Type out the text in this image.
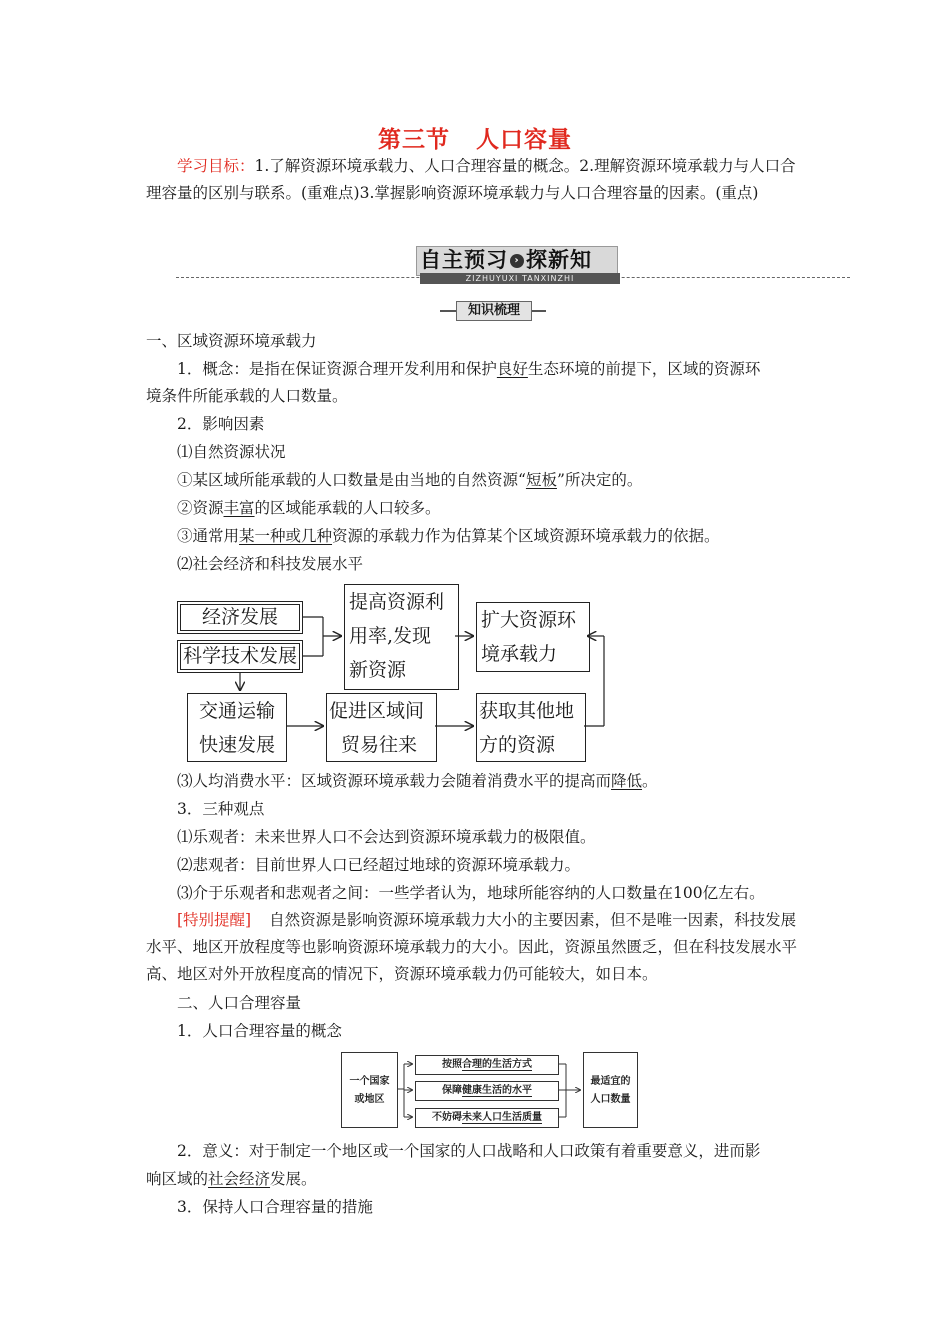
第三节 人口容量
学习目标：1.了解资源环境承载力、人口合理容量的概念。2.理解资源环境承载力与人口合理容量的区别与联系。(重难点)3.掌握影响资源环境承载力与人口合理容量的因素。(重点)
自主预习 › 探新知
ZIZHUYUXI TANXINZHI
知识梳理
一、区域资源环境承载力
1．概念：是指在保证资源合理开发利用和保护良好生态环境的前提下，区域的资源环
境条件所能承载的人口数量。
2．影响因素
⑴自然资源状况
①某区域所能承载的人口数量是由当地的自然资源“短板”所决定的。
②资源丰富的区域能承载的人口较多。
③通常用某一种或几种资源的承载力作为估算某个区域资源环境承载力的依据。
⑵社会经济和科技发展水平
经济发展
科学技术发展
提高资源利
用率,发现
新资源
扩大资源环
境承载力
交通运输
快速发展
促进区域间
贸易往来
获取其他地
方的资源
⑶人均消费水平：区域资源环境承载力会随着消费水平的提高而降低。
3．三种观点
⑴乐观者：未来世界人口不会达到资源环境承载力的极限值。
⑵悲观者：目前世界人口已经超过地球的资源环境承载力。
⑶介于乐观者和悲观者之间：一些学者认为，地球所能容纳的人口数量在100亿左右。
[特别提醒] 自然资源是影响资源环境承载力大小的主要因素，但不是唯一因素，科技发展水平、地区开放程度等也影响资源环境承载力的大小。因此，资源虽然匮乏，但在科技发展水平高、地区对外开放程度高的情况下，资源环境承载力仍可能较大，如日本。
二、人口合理容量
1．人口合理容量的概念
一个国家
或地区
按照合理的生活方式
保障健康生活的水平
不妨碍未来人口生活质量
最适宜的
人口数量
2．意义：对于制定一个地区或一个国家的人口战略和人口政策有着重要意义，进而影
响区域的社会经济发展。
3．保持人口合理容量的措施
